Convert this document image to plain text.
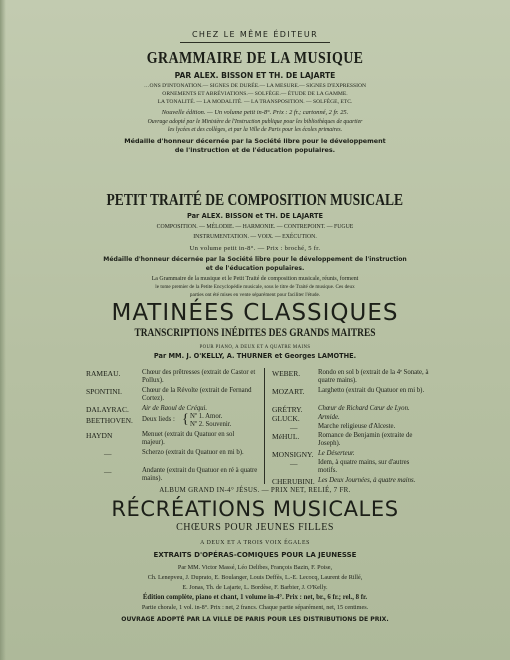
CHEZ LE MÊME ÉDITEUR
GRAMMAIRE DE LA MUSIQUE
PAR ALEX. BISSON ET TH. DE LAJARTE
…ONS D'INTONATION.— SIGNES DE DURÉE.— LA MESURE.— SIGNES D'EXPRESSION
ORNEMENTS ET ABRÉVIATIONS.— SOLFÈGE.— ÉTUDE DE LA GAMME.
LA TONALITÉ. — LA MODALITÉ. — LA TRANSPOSITION. — SOLFÈGE, ETC.
Nouvelle édition. — Un volume petit in-8°. Prix : 2 fr.; cartonné, 2 fr. 25.
Ouvrage adopté par le Ministère de l'Instruction publique pour les bibliothèques de quartier
les lycées et des collèges, et par la Ville de Paris pour les écoles primaires.
Médaille d'honneur décernée par la Société libre pour le développement
de l'instruction et de l'éducation populaires.
PETIT TRAITÉ DE COMPOSITION MUSICALE
Par ALEX. BISSON et TH. DE LAJARTE
COMPOSITION. — MÉLODIE. — HARMONIE. — CONTREPOINT. — FUGUE
INSTRUMENTATION. — VOIX. — EXÉCUTION.
Un volume petit in-8°. — Prix : broché, 5 fr.
Médaille d'honneur décernée par la Société libre pour le développement de l'instruction
et de l'éducation populaires.
La Grammaire de la musique et le Petit Traité de composition musicale, réunis, forment
le tome premier de la Petite Encyclopédie musicale, sous le titre de Traité de musique. Ces deux
parties ont été mises en vente séparément pour faciliter l'étude.
MATINÉES CLASSIQUES
TRANSCRIPTIONS INÉDITES DES GRANDS MAITRES
POUR PIANO, A DEUX ET A QUATRE MAINS
Par MM. J. O'KELLY, A. THURNER et Georges LAMOTHE.
RAMEAU.	Chœur des prêtresses (extrait de Castor et Pollux).
SPONTINI.	Chœur de la Révolte (extrait de Fernand Cortez).
DALAYRAC. Air de Raoul de Créqui.
BEETHOVEN. Deux lieds : { Nº 1. Amor.
Nº 2. Souvenir.
HAYDN	Menuet (extrait du Quatuor en sol majeur).
—	Scherzo (extrait du Quatuor en mi b).
—	Andante (extrait du Quatuor en ré à quatre mains).
WEBER.	Rondo en sol b (extrait de la 4ᵉ Sonate, à quatre mains).
MOZART. Larghetto (extrait du Quatuor en mi b).
GRÉTRY. Chœur de Richard Cœur de Lyon.
GLUCK.	Armide.
—	Marche religieuse d'Alceste.
MéHUL.	Romance de Benjamin (extraite de Joseph).
MONSIGNY. Le Déserteur.
—	Idem, à quatre mains, sur d'autres motifs.
CHERUBINI. Les Deux Journées, à quatre mains.
ALBUM GRAND IN-4° JÉSUS. — PRIX NET, RELIÉ, 7 FR.
RÉCRÉATIONS MUSICALES
CHŒURS POUR JEUNES FILLES
A DEUX ET A TROIS VOIX ÉGALES
EXTRAITS D'OPÉRAS-COMIQUES POUR LA JEUNESSE
Par MM. Victor Massé, Léo Delibes, François Bazin, F. Poise,
Ch. Lenepveu, J. Duprato, E. Boulanger, Louis Deffès, L.-E. Lecocq, Laurent de Rillé,
E. Jonas, Th. de Lajarte, L. Bordèse, F. Barbier, J. O'Kelly.
Édition complète, piano et chant, 1 volume in-4°. Prix : net, br., 6 fr.; rel., 8 fr.
Partie chorale, 1 vol. in-8°. Prix : net, 2 francs. Chaque partie séparément, net, 15 centimes.
OUVRAGE ADOPTÉ PAR LA VILLE DE PARIS POUR LES DISTRIBUTIONS DE PRIX.
